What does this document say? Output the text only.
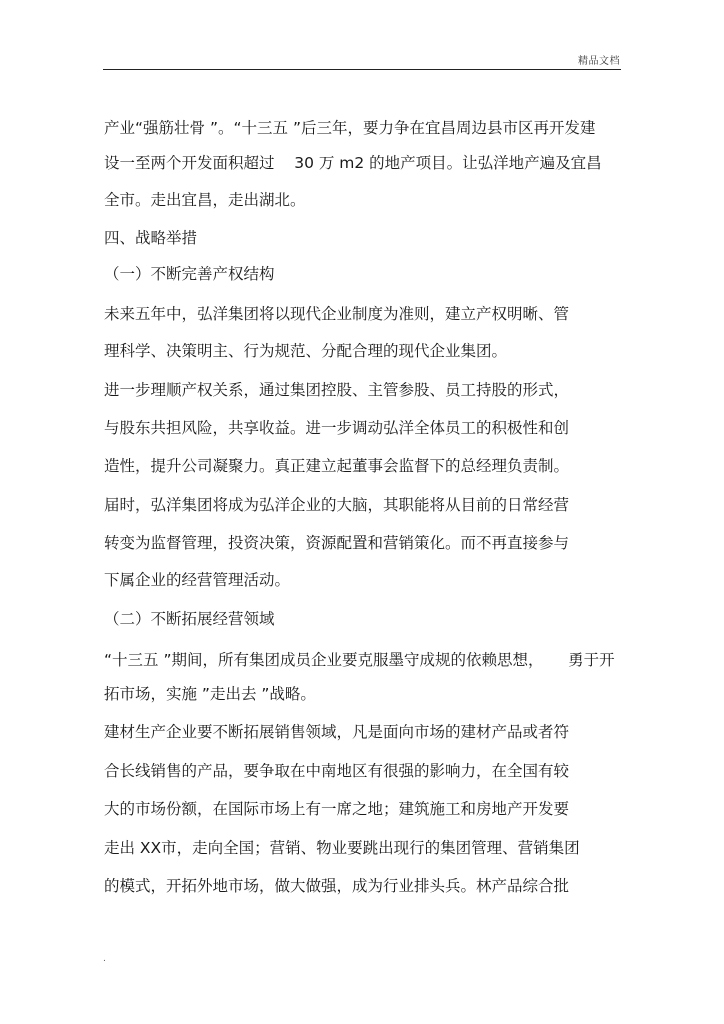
精品文档
产业“强筋壮骨 ”。“十三五 ”后三年，要力争在宜昌周边县市区再开发建
设一至两个开发面积超过    30 万 m2 的地产项目。让弘洋地产遍及宜昌
全市。走出宜昌，走出湖北。
四、战略举措
（一）不断完善产权结构
未来五年中，弘洋集团将以现代企业制度为准则，建立产权明晰、管
理科学、决策明主、行为规范、分配合理的现代企业集团。
进一步理顺产权关系，通过集团控股、主管参股、员工持股的形式，
与股东共担风险，共享收益。进一步调动弘洋全体员工的积极性和创
造性，提升公司凝聚力。真正建立起董事会监督下的总经理负责制。
届时，弘洋集团将成为弘洋企业的大脑，其职能将从目前的日常经营
转变为监督管理，投资决策，资源配置和营销策化。而不再直接参与
下属企业的经营管理活动。
（二）不断拓展经营领域
“十三五 ”期间，所有集团成员企业要克服墨守成规的依赖思想，     勇于开
拓市场，实施 ”走出去 ”战略。
建材生产企业要不断拓展销售领域，凡是面向市场的建材产品或者符
合长线销售的产品，要争取在中南地区有很强的影响力，在全国有较
大的市场份额，在国际市场上有一席之地；建筑施工和房地产开发要
走出 XX市，走向全国；营销、物业要跳出现行的集团管理、营销集团
的模式，开拓外地市场，做大做强，成为行业排头兵。林产品综合批
.
